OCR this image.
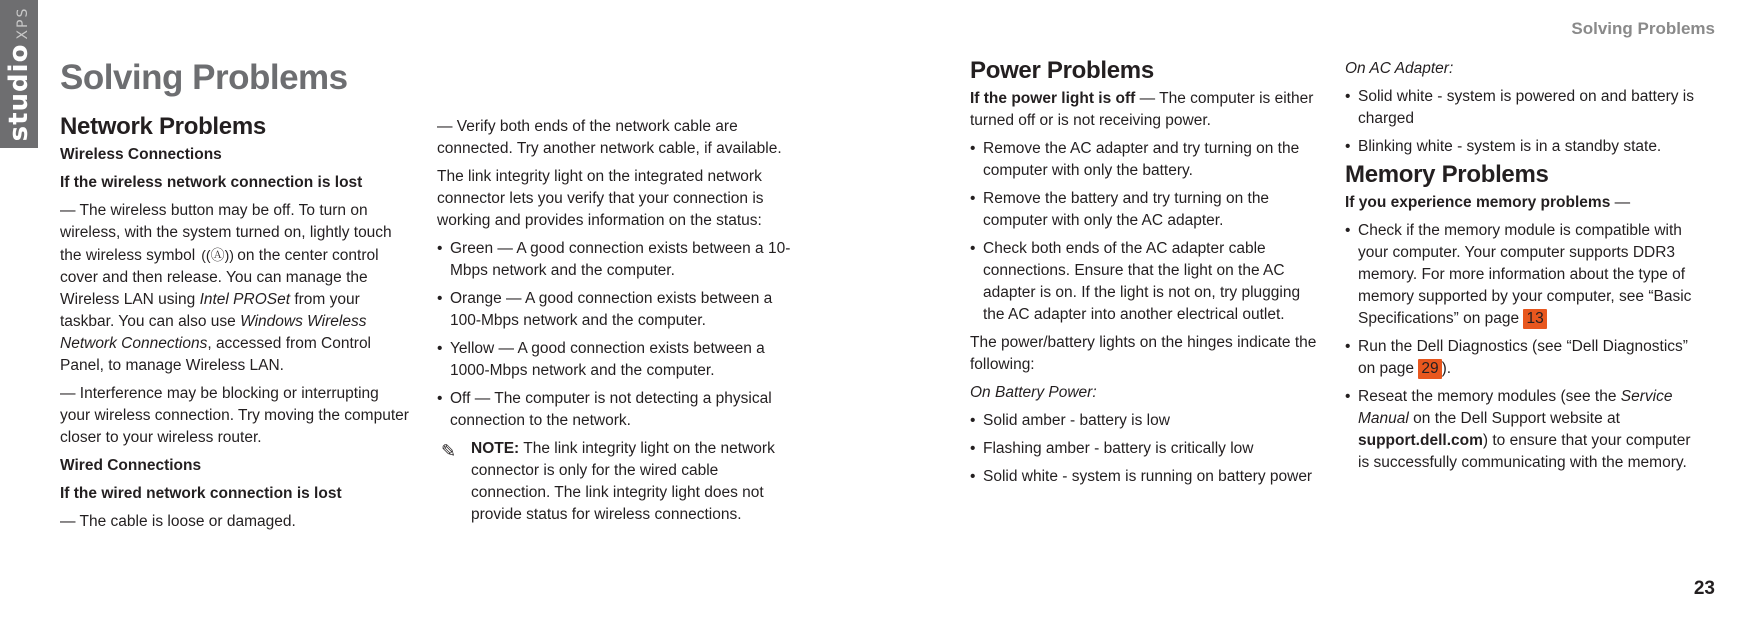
studioXPS	Solving Problems
Solving Problems
Network Problems
Wireless Connections
If the wireless network connection is lost

— The wireless button may be off. To turn on wireless, with the system turned on, lightly touch the wireless symbol ((Ⓐ)) on the center control cover and then release. You can manage the Wireless LAN using Intel PROSet from your taskbar. You can also use Windows Wireless Network Connections, accessed from Control Panel, to manage Wireless LAN.

— Interference may be blocking or interrupting your wireless connection. Try moving the computer closer to your wireless router.

Wired Connections
If the wired network connection is lost

— The cable is loose or damaged.

— Verify both ends of the network cable are connected. Try another network cable, if available.

The link integrity light on the integrated network connector lets you verify that your connection is working and provides information on the status:

• Green — A good connection exists between a 10-Mbps network and the computer.
• Orange — A good connection exists between a 100-Mbps network and the computer.
• Yellow — A good connection exists between a 1000-Mbps network and the computer.
• Off — The computer is not detecting a physical connection to the network.
✎ NOTE: The link integrity light on the network connector is only for the wired cable connection. The link integrity light does not provide status for wireless connections.
Power Problems

If the power light is off — The computer is either turned off or is not receiving power.

• Remove the AC adapter and try turning on the computer with only the battery.
• Remove the battery and try turning on the computer with only the AC adapter.
• Check both ends of the AC adapter cable connections. Ensure that the light on the AC adapter is on. If the light is not on, try plugging the AC adapter into another electrical outlet.

The power/battery lights on the hinges indicate the following:

On Battery Power:

• Solid amber - battery is low
• Flashing amber - battery is critically low
• Solid white - system is running on battery power

On AC Adapter:

• Solid white - system is powered on and battery is charged
• Blinking white - system is in a standby state.
Memory Problems

If you experience memory problems —

• Check if the memory module is compatible with your computer. Your computer supports DDR3 memory. For more information about the type of memory supported by your computer, see “Basic Specifications” on page 13
• Run the Dell Diagnostics (see “Dell Diagnostics” on page 29 ).
• Reseat the memory modules (see the Service Manual on the Dell Support website at support.dell.com) to ensure that your computer is successfully communicating with the memory.
23
